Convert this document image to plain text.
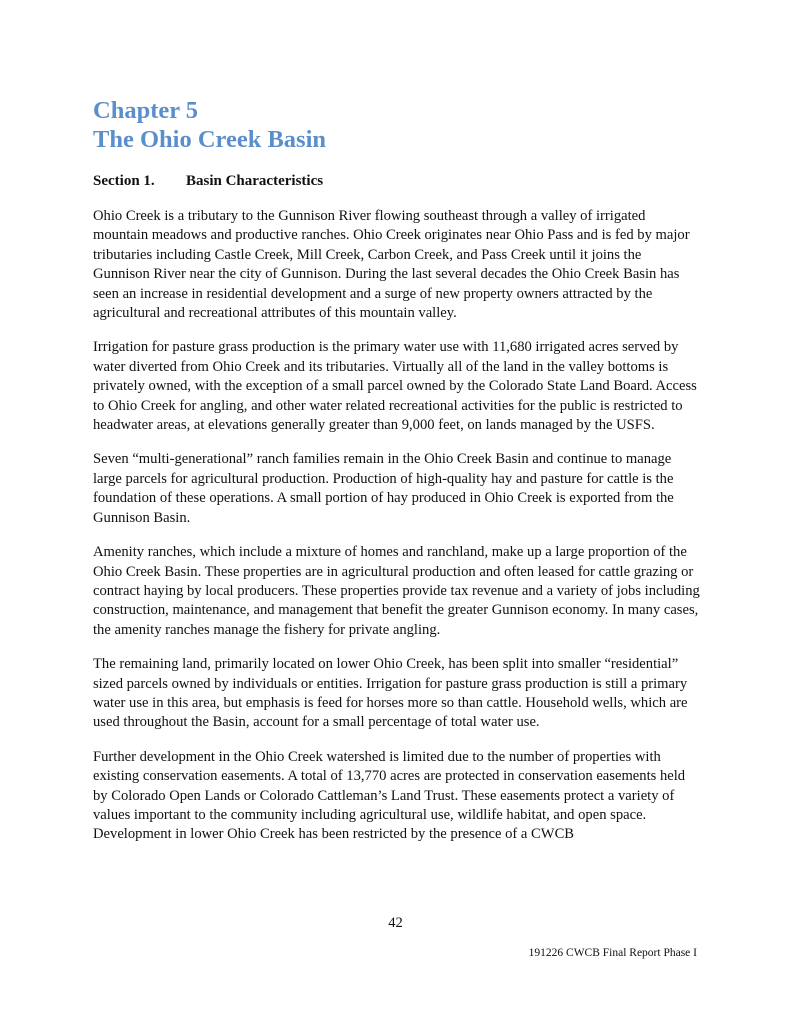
Chapter 5
The Ohio Creek Basin
Section 1. Basin Characteristics

Ohio Creek is a tributary to the Gunnison River flowing southeast through a valley of irrigated mountain meadows and productive ranches. Ohio Creek originates near Ohio Pass and is fed by major tributaries including Castle Creek, Mill Creek, Carbon Creek, and Pass Creek until it joins the Gunnison River near the city of Gunnison. During the last several decades the Ohio Creek Basin has seen an increase in residential development and a surge of new property owners attracted by the agricultural and recreational attributes of this mountain valley.

Irrigation for pasture grass production is the primary water use with 11,680 irrigated acres served by water diverted from Ohio Creek and its tributaries. Virtually all of the land in the valley bottoms is privately owned, with the exception of a small parcel owned by the Colorado State Land Board. Access to Ohio Creek for angling, and other water related recreational activities for the public is restricted to headwater areas, at elevations generally greater than 9,000 feet, on lands managed by the USFS.

Seven “multi-generational” ranch families remain in the Ohio Creek Basin and continue to manage large parcels for agricultural production. Production of high-quality hay and pasture for cattle is the foundation of these operations. A small portion of hay produced in Ohio Creek is exported from the Gunnison Basin.

Amenity ranches, which include a mixture of homes and ranchland, make up a large proportion of the Ohio Creek Basin. These properties are in agricultural production and often leased for cattle grazing or contract haying by local producers. These properties provide tax revenue and a variety of jobs including construction, maintenance, and management that benefit the greater Gunnison economy. In many cases, the amenity ranches manage the fishery for private angling.

The remaining land, primarily located on lower Ohio Creek, has been split into smaller “residential” sized parcels owned by individuals or entities. Irrigation for pasture grass production is still a primary water use in this area, but emphasis is feed for horses more so than cattle. Household wells, which are used throughout the Basin, account for a small percentage of total water use.

Further development in the Ohio Creek watershed is limited due to the number of properties with existing conservation easements. A total of 13,770 acres are protected in conservation easements held by Colorado Open Lands or Colorado Cattleman’s Land Trust. These easements protect a variety of values important to the community including agricultural use, wildlife habitat, and open space. Development in lower Ohio Creek has been restricted by the presence of a CWCB

42
191226 CWCB Final Report Phase I
